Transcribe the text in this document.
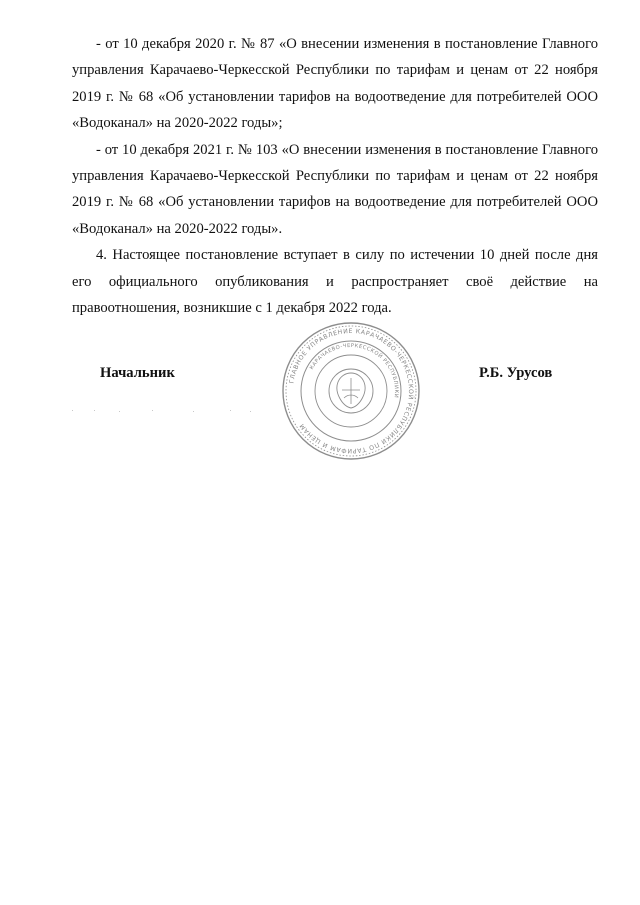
- от 10 декабря 2020 г. № 87 «О внесении изменения в постановление Главного управления Карачаево-Черкесской Республики по тарифам и ценам от 22 ноября 2019 г. № 68 «Об установлении тарифов на водоотведение для потребителей ООО «Водоканал» на 2020-2022 годы»;

- от 10 декабря 2021 г. № 103 «О внесении изменения в постановление Главного управления Карачаево-Черкесской Республики по тарифам и ценам от 22 ноября 2019 г. № 68 «Об установлении тарифов на водоотведение для потребителей ООО «Водоканал» на 2020-2022 годы».

4. Настоящее постановление вступает в силу по истечении 10 дней после дня его официального опубликования и распространяет своё действие на правоотношения, возникшие с 1 декабря 2022 года.

ГЛАВНОЕ УПРАВЛЕНИЕ КАРАЧАЕВО-ЧЕРКЕССКОЙ РЕСПУБЛИКИ ПО ТАРИФАМ И ЦЕНАМ
КАРАЧАЕВО-ЧЕРКЕССКОЙ РЕСПУБЛИКИ
Начальник	Р.Б. Урусов
